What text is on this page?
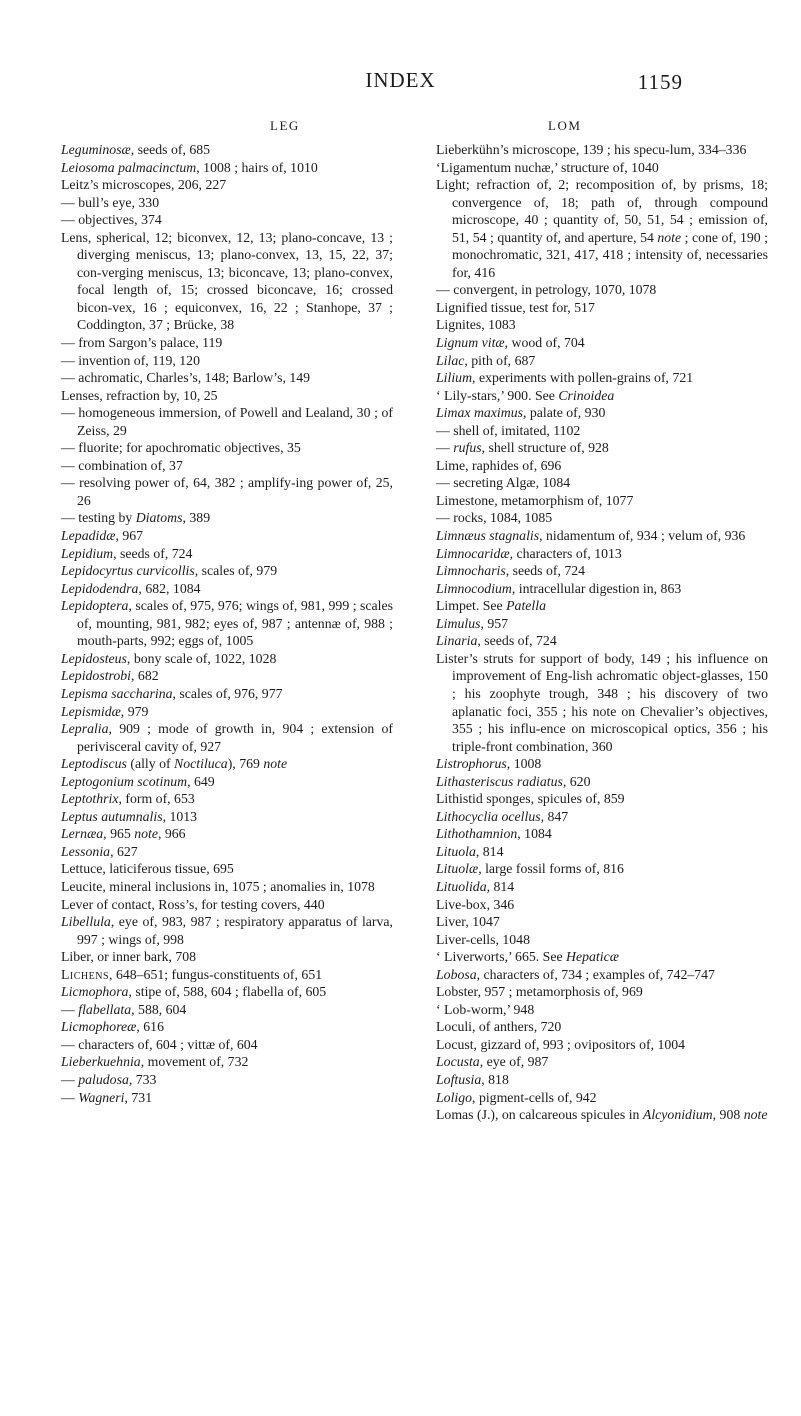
INDEX	1159
LEG	LOM
Leguminosæ, seeds of, 685
Leiosoma palmacinctum, 1008 ; hairs of, 1010
Leitz’s microscopes, 206, 227
— bull’s eye, 330
— objectives, 374
Lens, spherical, 12; biconvex, 12, 13; plano-concave, 13 ; diverging meniscus, 13; plano-convex, 13, 15, 22, 37; con-verging meniscus, 13; biconcave, 13; plano-convex, focal length of, 15; crossed biconcave, 16; crossed bicon-vex, 16 ; equiconvex, 16, 22 ; Stanhope, 37 ; Coddington, 37 ; Brücke, 38
— from Sargon’s palace, 119
— invention of, 119, 120
— achromatic, Charles’s, 148; Barlow’s, 149
Lenses, refraction by, 10, 25
— homogeneous immersion, of Powell and Lealand, 30 ; of Zeiss, 29
— fluorite; for apochromatic objectives, 35
— combination of, 37
— resolving power of, 64, 382 ; amplify-ing power of, 25, 26
— testing by Diatoms, 389
Lepadidæ, 967
Lepidium, seeds of, 724
Lepidocyrtus curvicollis, scales of, 979
Lepidodendra, 682, 1084
Lepidoptera, scales of, 975, 976; wings of, 981, 999 ; scales of, mounting, 981, 982; eyes of, 987 ; antennæ of, 988 ; mouth-parts, 992; eggs of, 1005
Lepidosteus, bony scale of, 1022, 1028
Lepidostrobi, 682
Lepisma saccharina, scales of, 976, 977
Lepismidæ, 979
Lepralia, 909 ; mode of growth in, 904 ; extension of perivisceral cavity of, 927
Leptodiscus (ally of Noctiluca), 769 note
Leptogonium scotinum, 649
Leptothrix, form of, 653
Leptus autumnalis, 1013
Lernæa, 965 note, 966
Lessonia, 627
Lettuce, laticiferous tissue, 695
Leucite, mineral inclusions in, 1075 ; anomalies in, 1078
Lever of contact, Ross’s, for testing covers, 440
Libellula, eye of, 983, 987 ; respiratory apparatus of larva, 997 ; wings of, 998
Liber, or inner bark, 708
Lichens, 648–651; fungus-constituents of, 651
Licmophora, stipe of, 588, 604 ; flabella of, 605
— flabellata, 588, 604
Licmophoreæ, 616
— characters of, 604 ; vittæ of, 604
Lieberkuehnia, movement of, 732
— paludosa, 733
— Wagneri, 731
Lieberkühn’s microscope, 139 ; his specu-lum, 334–336
‘Ligamentum nuchæ,’ structure of, 1040
Light; refraction of, 2; recomposition of, by prisms, 18; convergence of, 18; path of, through compound microscope, 40 ; quantity of, 50, 51, 54 ; emission of, 51, 54 ; quantity of, and aperture, 54 note ; cone of, 190 ; monochromatic, 321, 417, 418 ; intensity of, necessaries for, 416
— convergent, in petrology, 1070, 1078
Lignified tissue, test for, 517
Lignites, 1083
Lignum vitæ, wood of, 704
Lilac, pith of, 687
Lilium, experiments with pollen-grains of, 721
‘ Lily-stars,’ 900. See Crinoidea
Limax maximus, palate of, 930
— shell of, imitated, 1102
— rufus, shell structure of, 928
Lime, raphides of, 696
— secreting Algæ, 1084
Limestone, metamorphism of, 1077
— rocks, 1084, 1085
Limnæus stagnalis, nidamentum of, 934 ; velum of, 936
Limnocaridæ, characters of, 1013
Limnocharis, seeds of, 724
Limnocodium, intracellular digestion in, 863
Limpet. See Patella
Limulus, 957
Linaria, seeds of, 724
Lister’s struts for support of body, 149 ; his influence on improvement of Eng-lish achromatic object-glasses, 150 ; his zoophyte trough, 348 ; his discovery of two aplanatic foci, 355 ; his note on Chevalier’s objectives, 355 ; his influ-ence on microscopical optics, 356 ; his triple-front combination, 360
Listrophorus, 1008
Lithasteriscus radiatus, 620
Lithistid sponges, spicules of, 859
Lithocyclia ocellus, 847
Lithothamnion, 1084
Lituola, 814
Lituolæ, large fossil forms of, 816
Lituolida, 814
Live-box, 346
Liver, 1047
Liver-cells, 1048
‘ Liverworts,’ 665. See Hepaticæ
Lobosa, characters of, 734 ; examples of, 742–747
Lobster, 957 ; metamorphosis of, 969
‘ Lob-worm,’ 948
Loculi, of anthers, 720
Locust, gizzard of, 993 ; ovipositors of, 1004
Locusta, eye of, 987
Loftusia, 818
Loligo, pigment-cells of, 942
Lomas (J.), on calcareous spicules in Alcyonidium, 908 note
